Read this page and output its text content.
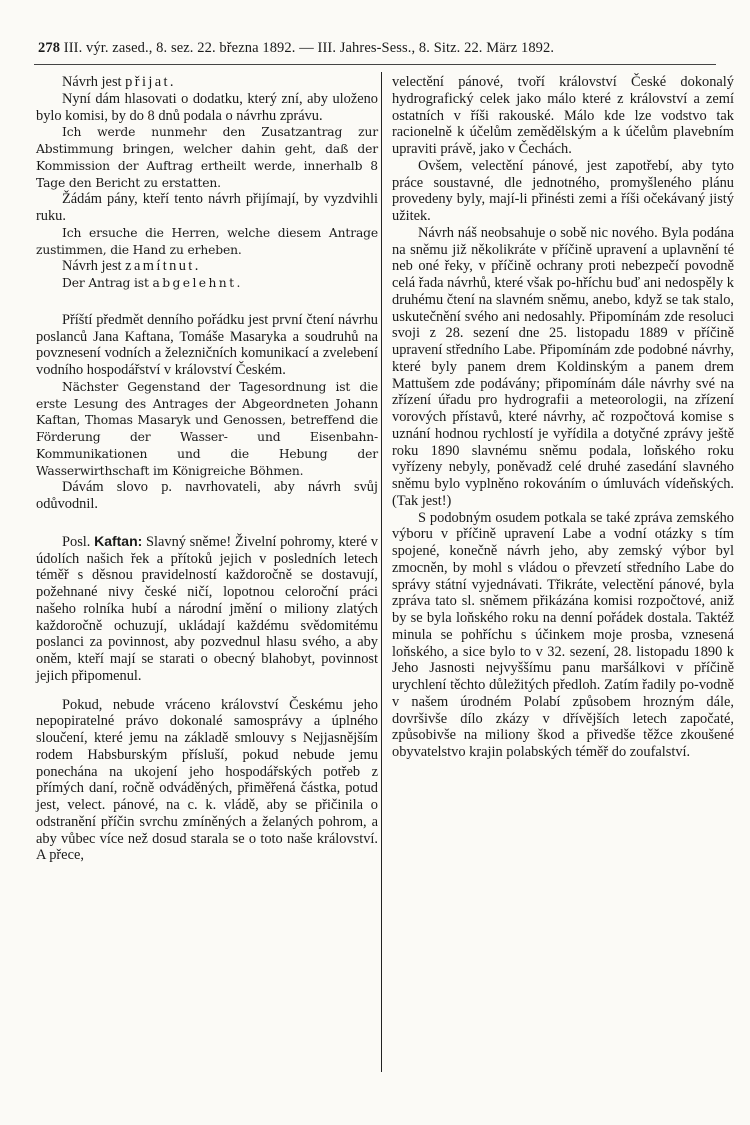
278 III. výr. zased., 8. sez. 22. března 1892. — III. Jahres-Sess., 8. Sitz. 22. März 1892.

Návrh jest přijat.

Nyní dám hlasovati o dodatku, který zní, aby uloženo bylo komisi, by do 8 dnů podala o návrhu zprávu.

Ich werde nunmehr den Zusatzantrag zur Abstimmung bringen, welcher dahin geht, daß der Kommission der Auftrag ertheilt werde, innerhalb 8 Tage den Bericht zu erstatten.

Žádám pány, kteří tento návrh přijímají, by vyzdvihli ruku.

Ich ersuche die Herren, welche diesem Antrage zustimmen, die Hand zu erheben.

Návrh jest zamítnut.

Der Antrag ist abgelehnt.

Příští předmět denního pořádku jest první čtení návrhu poslanců Jana Kaftana, Tomáše Masaryka a soudruhů na povznesení vodních a železničních komunikací a zvelebení vodního hospodářství v království Českém.

Nächster Gegenstand der Tagesordnung ist die erste Lesung des Antrages der Abgeordneten Johann Kaftan, Thomas Masaryk und Genossen, betreffend die Förderung der Wasser- und Eisenbahn-Kommunikationen und die Hebung der Wasserwirthschaft im Königreiche Böhmen.

Dávám slovo p. navrhovateli, aby návrh svůj odůvodnil.

Posl. Kaftan: Slavný sněme! Živelní pohromy, které v údolích našich řek a přítoků jejich v posledních letech téměř s děsnou pravidelností každoročně se dostavují, požehnané nivy české ničí, lopotnou celoroční práci našeho rolníka hubí a národní jmění o miliony zlatých každoročně ochuzují, ukládají každému svědomitému poslanci za povinnost, aby pozvednul hlasu svého, a aby oněm, kteří mají se starati o obecný blahobyt, povinnost jejich připomenul.

Pokud, nebude vráceno království Českému jeho nepopiratelné právo dokonalé samosprávy a úplného sloučení, které jemu na základě smlouvy s Nejjasnějším rodem Habsburským přísluší, pokud nebude jemu ponechána na ukojení jeho hospodářských potřeb z přímých daní, ročně odváděných, přiměřená částka, potud jest, velect. pánové, na c. k. vládě, aby se přičinila o odstranění příčin svrchu zmíněných a želaných pohrom, a aby vůbec více než dosud starala se o toto naše království. A přece,

velectění pánové, tvoří království České dokonalý hydrografický celek jako málo které z království a zemí ostatních v říši rakouské. Málo kde lze vodstvo tak racionelně k účelům zemědělským a k účelům plavebním upraviti právě, jako v Čechách.

Ovšem, velectění pánové, jest zapotřebí, aby tyto práce soustavné, dle jednotného, promyšleného plánu provedeny byly, mají-li přinésti zemi a říši očekávaný jistý užitek.

Návrh náš neobsahuje o sobě nic nového. Byla podána na sněmu již několikráte v příčině upravení a uplavnění té neb oné řeky, v příčině ochrany proti nebezpečí povodně celá řada návrhů, které však po-hříchu buď ani nedospěly k druhému čtení na slavném sněmu, anebo, když se tak stalo, uskutečnění svého ani nedosahly. Připomínám zde resoluci svoji z 28. sezení dne 25. listopadu 1889 v příčině upravení středního Labe. Připomínám zde podobné návrhy, které byly panem drem Koldinským a panem drem Mattušem zde podávány; připomínám dále návrhy své na zřízení úřadu pro hydrografii a meteorologii, na zřízení vorových přístavů, které návrhy, ač rozpočtová komise s uznání hodnou rychlostí je vyřídila a dotyčné zprávy ještě roku 1890 slavnému sněmu podala, loňského roku vyřízeny nebyly, poněvadž celé druhé zasedání slavného sněmu bylo vyplněno rokováním o úmluvách vídeňských. (Tak jest!)

S podobným osudem potkala se také zpráva zemského výboru v příčině upravení Labe a vodní otázky s tím spojené, konečně návrh jeho, aby zemský výbor byl zmocněn, by mohl s vládou o převzetí středního Labe do správy státní vyjednávati. Třikráte, velectění pánové, byla zpráva tato sl. sněmem přikázána komisi rozpočtové, aniž by se byla loňského roku na denní pořádek dostala. Taktéž minula se pohříchu s účinkem moje prosba, vznesená loňského, a sice bylo to v 32. sezení, 28. listopadu 1890 k Jeho Jasnosti nejvyššímu panu maršálkovi v příčině urychlení těchto důležitých předloh. Zatím řadily po-vodně v našem úrodném Polabí způsobem hrozným dále, dovršivše dílo zkázy v dřívějších letech započaté, způsobivše na miliony škod a přivedše těžce zkoušené obyvatelstvo krajin polabských téměř do zoufalství.
